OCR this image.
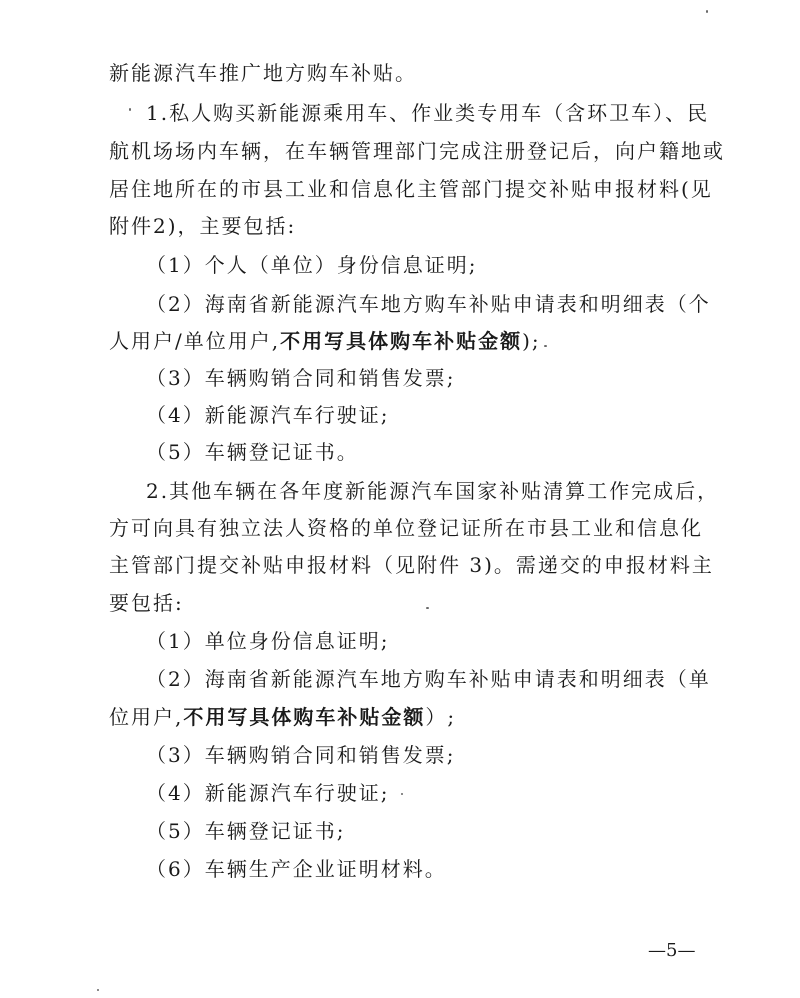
新能源汽车推广地方购车补贴。
1.私人购买新能源乘用车、作业类专用车（含环卫车）、民
航机场场内车辆，在车辆管理部门完成注册登记后，向户籍地或
居住地所在的市县工业和信息化主管部门提交补贴申报材料(见
附件2)，主要包括:
（1）个人（单位）身份信息证明;
（2）海南省新能源汽车地方购车补贴申请表和明细表（个
人用户/单位用户,不用写具体购车补贴金额);
（3）车辆购销合同和销售发票;
（4）新能源汽车行驶证;
（5）车辆登记证书。
2.其他车辆在各年度新能源汽车国家补贴清算工作完成后，
方可向具有独立法人资格的单位登记证所在市县工业和信息化
主管部门提交补贴申报材料（见附件 3)。需递交的申报材料主
要包括:
（1）单位身份信息证明;
（2）海南省新能源汽车地方购车补贴申请表和明细表（单
位用户,不用写具体购车补贴金额）;
（3）车辆购销合同和销售发票;
（4）新能源汽车行驶证;
（5）车辆登记证书;
（6）车辆生产企业证明材料。
—5—
